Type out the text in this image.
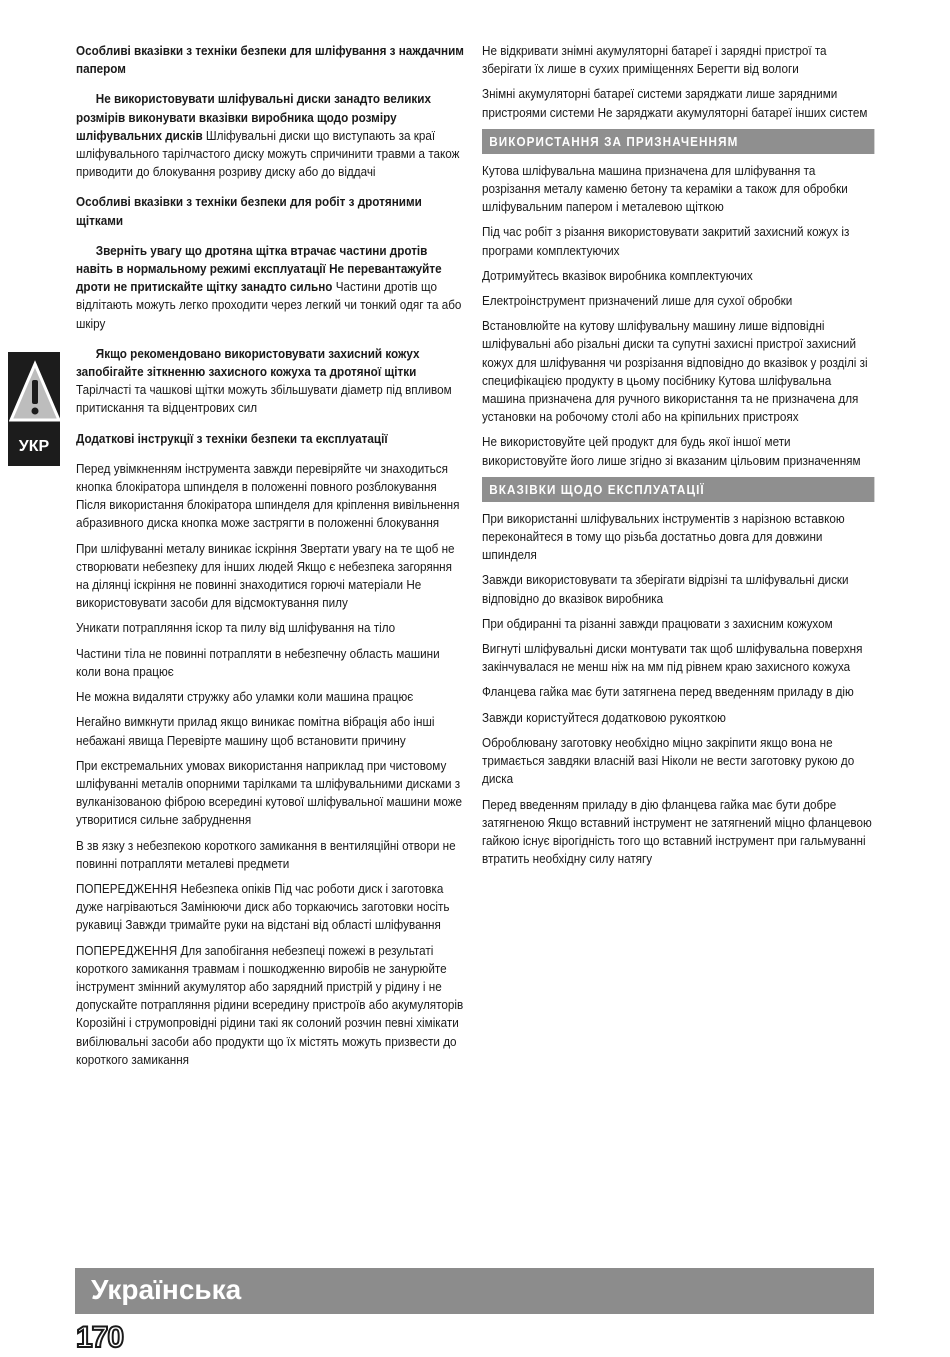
УКР

Особливі вказівки з техніки безпеки для шліфування з наждачним папером

Не використовувати шліфувальні диски занадто великих розмірів виконувати вказівки виробника щодо розміру шліфувальних дисків Шліфувальні диски що виступають за краї шліфувального тарілчастого диску можуть спричинити травми а також приводити до блокування розриву диску або до віддачі

Особливі вказівки з техніки безпеки для робіт з дротяними щітками

Зверніть увагу що дротяна щітка втрачає частини дротів навіть в нормальному режимі експлуатації Не перевантажуйте дроти не притискайте щітку занадто сильно Частини дротів що відлітають можуть легко проходити через легкий чи тонкий одяг та або шкіру

Якщо рекомендовано використовувати захисний кожух запобігайте зіткненню захисного кожуха та дротяної щітки Тарілчасті та чашкові щітки можуть збільшувати діаметр під впливом притискання та відцентрових сил

Додаткові інструкції з техніки безпеки та експлуатації

Перед увімкненням інструмента завжди перевіряйте чи знаходиться кнопка блокіратора шпинделя в положенні повного розблокування Після використання блокіратора шпинделя для кріплення вивільнення абразивного диска кнопка може застрягти в положенні блокування

При шліфуванні металу виникає іскріння Звертати увагу на те щоб не створювати небезпеку для інших людей Якщо є небезпека загоряння на ділянці іскріння не повинні знаходитися горючі матеріали Не використовувати засоби для відсмоктування пилу

Уникати потрапляння іскор та пилу від шліфування на тіло

Частини тіла не повинні потрапляти в небезпечну область машини коли вона працює

Не можна видаляти стружку або уламки коли машина працює

Негайно вимкнути прилад якщо виникає помітна вібрація або інші небажані явища Перевірте машину щоб встановити причину

При екстремальних умовах використання наприклад при чистовому шліфуванні металів опорними тарілками та шліфувальними дисками з вулканізованою фіброю всередині кутової шліфувальної машини може утворитися сильне забруднення

В зв язку з небезпекою короткого замикання в вентиляційні отвори не повинні потрапляти металеві предмети

ПОПЕРЕДЖЕННЯ Небезпека опіків Під час роботи диск і заготовка дуже нагріваються Замінюючи диск або торкаючись заготовки носіть рукавиці Завжди тримайте руки на відстані від області шліфування

ПОПЕРЕДЖЕННЯ Для запобігання небезпеці пожежі в результаті короткого замикання травмам і пошкодженню виробів не занурюйте інструмент змінний акумулятор або зарядний пристрій у рідину і не допускайте потрапляння рідини всередину пристроїв або акумуляторів Корозійні і струмопровідні рідини такі як солоний розчин певні хімікати вибілювальні засоби або продукти що їх містять можуть призвести до короткого замикання

Не відкривати знімні акумуляторні батареї і зарядні пристрої та зберігати їх лише в сухих приміщеннях Берегти від вологи

Знімні акумуляторні батареї системи заряджати лише зарядними пристроями системи Не заряджати акумуляторні батареї інших систем

ВИКОРИСТАННЯ ЗА ПРИЗНАЧЕННЯМ

Кутова шліфувальна машина призначена для шліфування та розрізання металу каменю бетону та кераміки а також для обробки шліфувальним папером і металевою щіткою

Під час робіт з різання використовувати закритий захисний кожух із програми комплектуючих

Дотримуйтесь вказівок виробника комплектуючих

Електроінструмент призначений лише для сухої обробки

Встановлюйте на кутову шліфувальну машину лише відповідні шліфувальні або різальні диски та супутні захисні пристрої захисний кожух для шліфування чи розрізання відповідно до вказівок у розділі зі специфікацією продукту в цьому посібнику Кутова шліфувальна машина призначена для ручного використання та не призначена для установки на робочому столі або на кріпильних пристроях

Не використовуйте цей продукт для будь якої іншої мети використовуйте його лише згідно зі вказаним цільовим призначенням

ВКАЗІВКИ ЩОДО ЕКСПЛУАТАЦІЇ

При використанні шліфувальних інструментів з нарізною вставкою переконайтеся в тому що різьба достатньо довга для довжини шпинделя

Завжди використовувати та зберігати відрізні та шліфувальні диски відповідно до вказівок виробника

При обдиранні та різанні завжди працювати з захисним кожухом

Вигнуті шліфувальні диски монтувати так щоб шліфувальна поверхня закінчувалася не менш ніж на мм під рівнем краю захисного кожуха

Фланцева гайка має бути затягнена перед введенням приладу в дію

Завжди користуйтеся додатковою рукояткою

Оброблювану заготовку необхідно міцно закріпити якщо вона не тримається завдяки власній вазі Ніколи не вести заготовку рукою до диска

Перед введенням приладу в дію фланцева гайка має бути добре затягненою Якщо вставний інструмент не затягнений міцно фланцевою гайкою існує вірогідність того що вставний інструмент при гальмуванні втратить необхідну силу натягу

Українська
170
